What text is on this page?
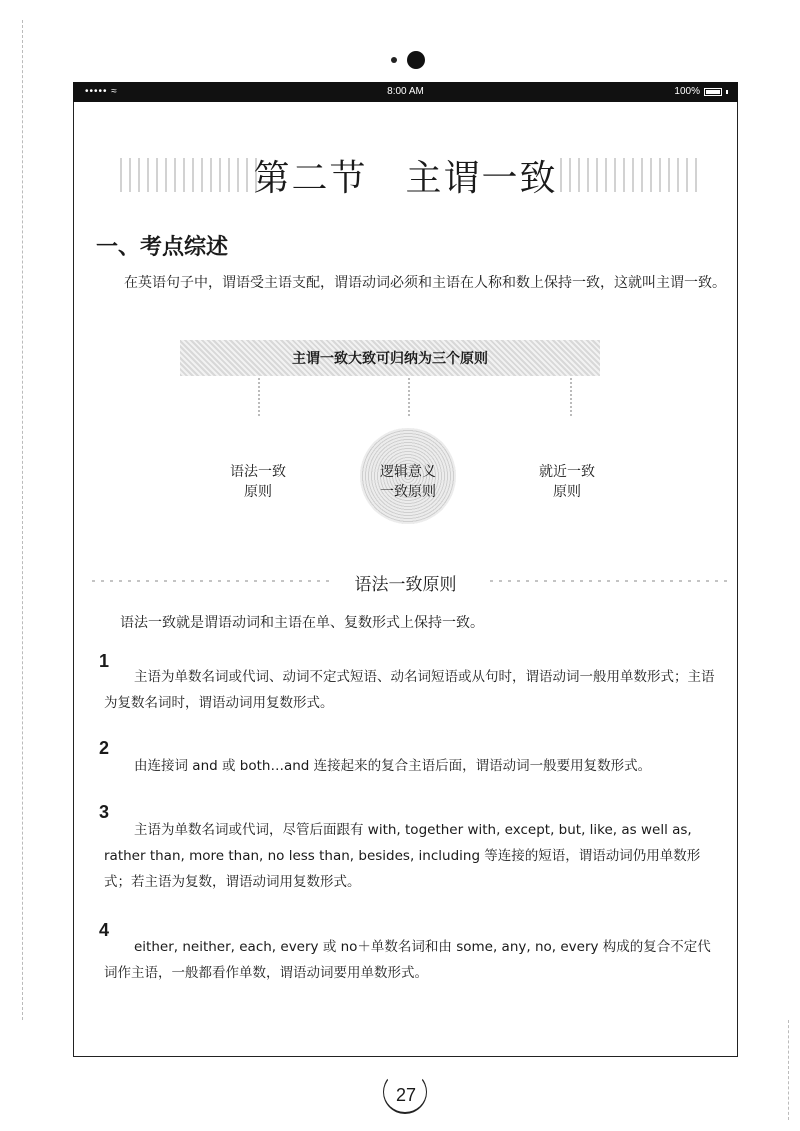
••••• ≈	8:00 AM	100%
第二节　主谓一致
一、考点综述
在英语句子中，谓语受主语支配，谓语动词必须和主语在人称和数上保持一致，这就叫主谓一致。
主谓一致大致可归纳为三个原则
语法一致
原则
逻辑意义
一致原则
就近一致
原则
语法一致原则
语法一致就是谓语动词和主语在单、复数形式上保持一致。
1
主语为单数名词或代词、动词不定式短语、动名词短语或从句时，谓语动词一般用单数形式；主语为复数名词时，谓语动词用复数形式。
2
由连接词 and 或 both…and 连接起来的复合主语后面，谓语动词一般要用复数形式。
3
主语为单数名词或代词，尽管后面跟有 with, together with, except, but, like, as well as, rather than, more than, no less than, besides, including 等连接的短语，谓语动词仍用单数形式；若主语为复数，谓语动词用复数形式。
4
either, neither, each, every 或 no＋单数名词和由 some, any, no, every 构成的复合不定代词作主语，一般都看作单数，谓语动词要用单数形式。
27
